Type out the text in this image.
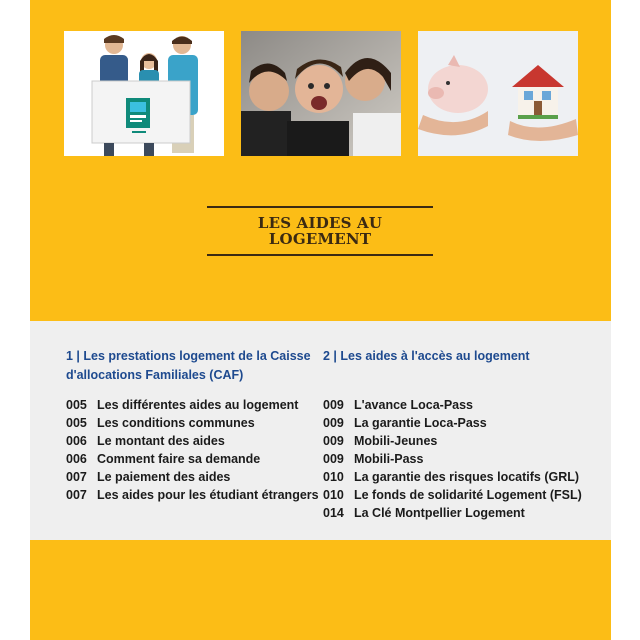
LES AIDES AU LOGEMENT
1 | Les prestations logement de la Caisse d'allocations Familiales (CAF)
005 Les différentes aides au logement
005 Les conditions communes
006 Le montant des aides
006 Comment faire sa demande
007 Le paiement des aides
007 Les aides pour les étudiant étrangers
2 | Les aides à l'accès au logement
009 L'avance Loca-Pass
009 La garantie Loca-Pass
009 Mobili-Jeunes
009 Mobili-Pass
010 La garantie des risques locatifs (GRL)
010 Le fonds de solidarité Logement (FSL)
014 La Clé Montpellier Logement
